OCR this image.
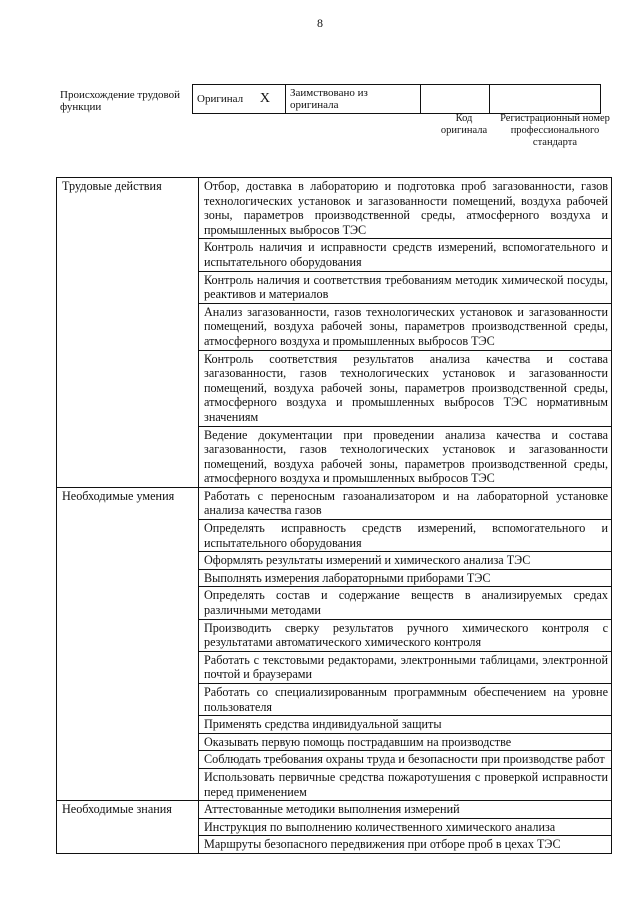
8
Происхождение трудовой функции
Оригинал X	Заимствовано из оригинала		
Код оригинала
Регистрационный номер профессионального стандарта
Трудовые действия	Отбор, доставка в лабораторию и подготовка проб загазованности, газов технологических установок и загазованности помещений, воздуха рабочей зоны, параметров производственной среды, атмосферного воздуха и промышленных выбросов ТЭС
	Контроль наличия и исправности средств измерений, вспомогательного и испытательного оборудования
	Контроль наличия и соответствия требованиям методик химической посуды, реактивов и материалов
	Анализ загазованности, газов технологических установок и загазованности помещений, воздуха рабочей зоны, параметров производственной среды, атмосферного воздуха и промышленных выбросов ТЭС
	Контроль соответствия результатов анализа качества и состава загазованности, газов технологических установок и загазованности помещений, воздуха рабочей зоны, параметров производственной среды, атмосферного воздуха и промышленных выбросов ТЭС нормативным значениям
	Ведение документации при проведении анализа качества и состава загазованности, газов технологических установок и загазованности помещений, воздуха рабочей зоны, параметров производственной среды, атмосферного воздуха и промышленных выбросов ТЭС
Необходимые умения	Работать с переносным газоанализатором и на лабораторной установке анализа качества газов
	Определять исправность средств измерений, вспомогательного и испытательного оборудования
	Оформлять результаты измерений и химического анализа ТЭС
	Выполнять измерения лабораторными приборами ТЭС
	Определять состав и содержание веществ в анализируемых средах различными методами
	Производить сверку результатов ручного химического контроля с результатами автоматического химического контроля
	Работать с текстовыми редакторами, электронными таблицами, электронной почтой и браузерами
	Работать со специализированным программным обеспечением на уровне пользователя
	Применять средства индивидуальной защиты
	Оказывать первую помощь пострадавшим на производстве
	Соблюдать требования охраны труда и безопасности при производстве работ
	Использовать первичные средства пожаротушения с проверкой исправности перед применением
Необходимые знания	Аттестованные методики выполнения измерений
	Инструкция по выполнению количественного химического анализа
	Маршруты безопасного передвижения при отборе проб в цехах ТЭС
